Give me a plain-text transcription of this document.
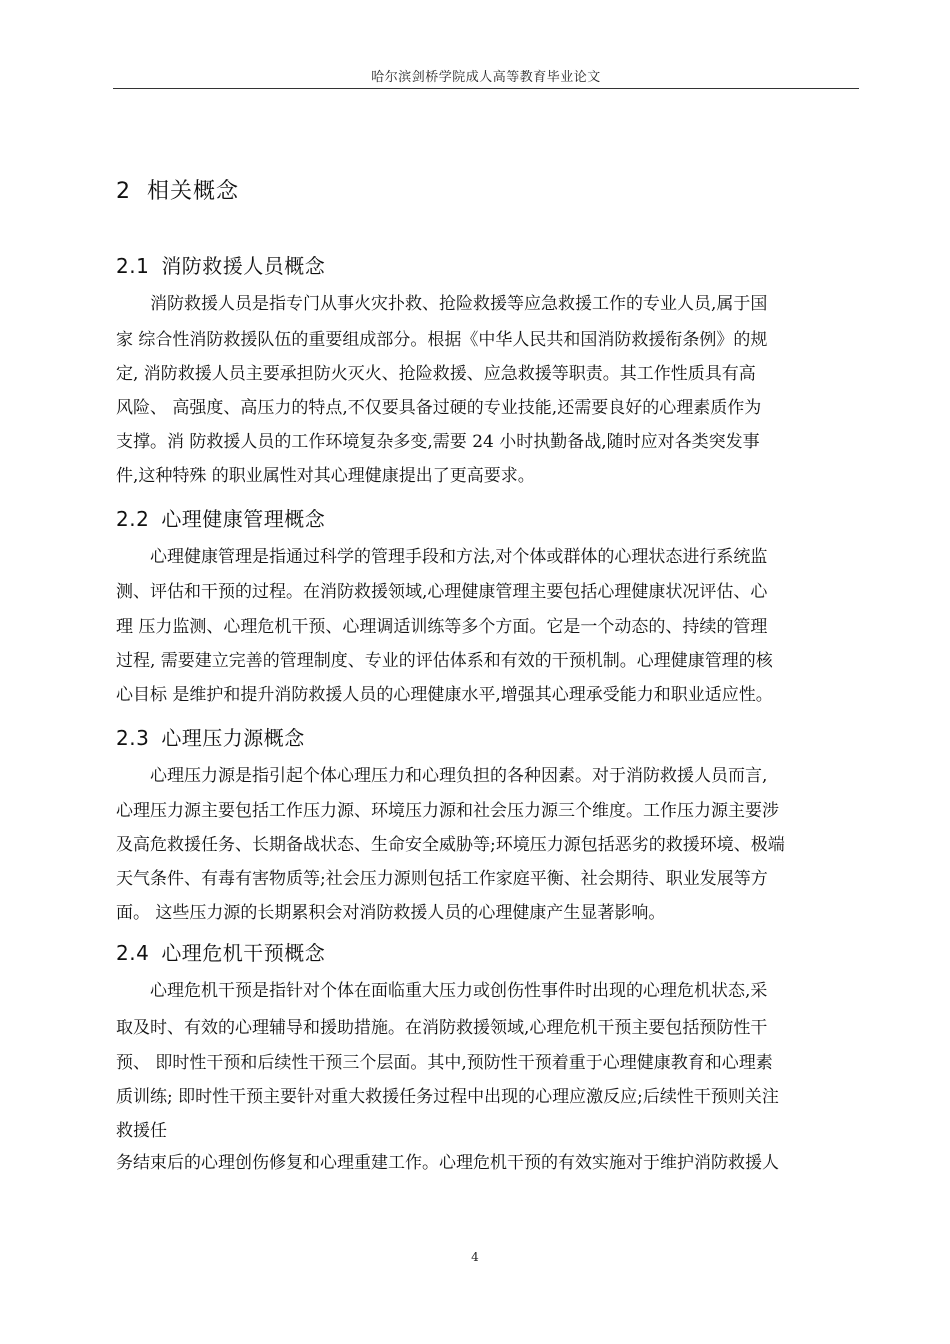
哈尔滨剑桥学院成人高等教育毕业论文
2 相关概念
2.1 消防救援人员概念
　　消防救援人员是指专门从事火灾扑救、抢险救援等应急救援工作的专业人员,属于国
家 综合性消防救援队伍的重要组成部分。根据《中华人民共和国消防救援衔条例》的规
定, 消防救援人员主要承担防火灭火、抢险救援、应急救援等职责。其工作性质具有高
风险、 高强度、高压力的特点,不仅要具备过硬的专业技能,还需要良好的心理素质作为
支撑。消 防救援人员的工作环境复杂多变,需要 24 小时执勤备战,随时应对各类突发事
件,这种特殊 的职业属性对其心理健康提出了更高要求。
2.2 心理健康管理概念
　　心理健康管理是指通过科学的管理手段和方法,对个体或群体的心理状态进行系统监
测、评估和干预的过程。在消防救援领域,心理健康管理主要包括心理健康状况评估、心
理 压力监测、心理危机干预、心理调适训练等多个方面。它是一个动态的、持续的管理
过程, 需要建立完善的管理制度、专业的评估体系和有效的干预机制。心理健康管理的核
心目标 是维护和提升消防救援人员的心理健康水平,增强其心理承受能力和职业适应性。
2.3 心理压力源概念
　　心理压力源是指引起个体心理压力和心理负担的各种因素。对于消防救援人员而言,
心理压力源主要包括工作压力源、环境压力源和社会压力源三个维度。工作压力源主要涉
及高危救援任务、长期备战状态、生命安全威胁等;环境压力源包括恶劣的救援环境、极端
天气条件、有毒有害物质等;社会压力源则包括工作家庭平衡、社会期待、职业发展等方
面。 这些压力源的长期累积会对消防救援人员的心理健康产生显著影响。
2.4 心理危机干预概念
　　心理危机干预是指针对个体在面临重大压力或创伤性事件时出现的心理危机状态,采
取及时、有效的心理辅导和援助措施。在消防救援领域,心理危机干预主要包括预防性干
预、 即时性干预和后续性干预三个层面。其中,预防性干预着重于心理健康教育和心理素
质训练; 即时性干预主要针对重大救援任务过程中出现的心理应激反应;后续性干预则关注
救援任
务结束后的心理创伤修复和心理重建工作。心理危机干预的有效实施对于维护消防救援人
4
